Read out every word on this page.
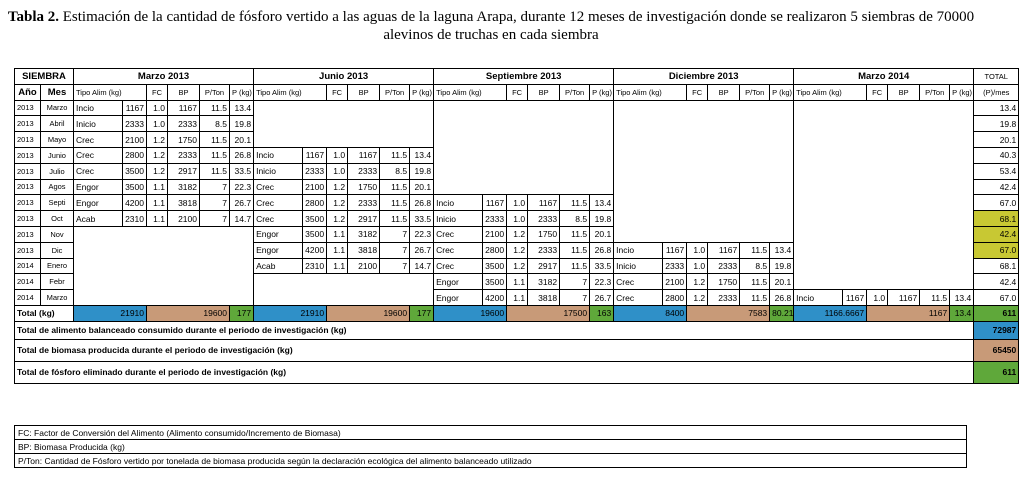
Tabla 2. Estimación de la cantidad de fósforo vertido a las aguas de la laguna Arapa, durante 12 meses de investigación donde se realizaron 5 siembras de 70000 alevinos de truchas en cada siembra
SIEMBRA		Marzo 2013						Junio 2013						Septiembre 2013						Diciembre 2013						Marzo 2014						TOTAL
Año	Mes	Tipo Alim (kg)		FC	BP	P/Ton	P (kg)	Tipo Alim (kg)		FC	BP	P/Ton	P (kg)	Tipo Alim (kg)		FC	BP	P/Ton	P (kg)	Tipo Alim (kg)		FC	BP	P/Ton	P (kg)	Tipo Alim (kg)		FC	BP	P/Ton	P (kg)	(P)/mes
2013	Marzo	Incio	1167	1.0	1167	11.5	13.4																									13.4
2013	Abril	Inicio	2333	1.0	2333	8.5	19.8																									19.8
2013	Mayo	Crec	2100	1.2	1750	11.5	20.1																									20.1
2013	Junio	Crec	2800	1.2	2333	11.5	26.8	Incio	1167	1.0	1167	11.5	13.4																			40.3
2013	Julio	Crec	3500	1.2	2917	11.5	33.5	Inicio	2333	1.0	2333	8.5	19.8																			53.4
2013	Agos	Engor	3500	1.1	3182	7	22.3	Crec	2100	1.2	1750	11.5	20.1																			42.4
2013	Septi	Engor	4200	1.1	3818	7	26.7	Crec	2800	1.2	2333	11.5	26.8	Incio	1167	1.0	1167	11.5	13.4													67.0
2013	Oct	Acab	2310	1.1	2100	7	14.7	Crec	3500	1.2	2917	11.5	33.5	Inicio	2333	1.0	2333	8.5	19.8													68.1
2013	Nov							Engor	3500	1.1	3182	7	22.3	Crec	2100	1.2	1750	11.5	20.1													42.4
2013	Dic							Engor	4200	1.1	3818	7	26.7	Crec	2800	1.2	2333	11.5	26.8	Incio	1167	1.0	1167	11.5	13.4							67.0
2014	Enero							Acab	2310	1.1	2100	7	14.7	Crec	3500	1.2	2917	11.5	33.5	Inicio	2333	1.0	2333	8.5	19.8							68.1
2014	Febr													Engor	3500	1.1	3182	7	22.3	Crec	2100	1.2	1750	11.5	20.1							42.4
2014	Marzo													Engor	4200	1.1	3818	7	26.7	Crec	2800	1.2	2333	11.5	26.8	Incio	1167	1.0	1167	11.5	13.4	67.0
Total (kg)		21910		19600			177	21910		19600			177	19600		17500			163	8400		7583			80.21	1166.6667		1167			13.4	611
Total de alimento balanceado consumido durante el periodo de investigación (kg)																																72987
Total de biomasa producida durante el periodo de investigación (kg)																																65450
Total de fósforo eliminado durante el periodo de investigación (kg)																																611
FC: Factor de Conversión del Alimento (Alimento consumido/Incremento de Biomasa)
BP: Biomasa Producida (kg)
P/Ton: Cantidad de Fósforo vertido por tonelada de biomasa producida según la declaración ecológica del alimento balanceado utilizado
